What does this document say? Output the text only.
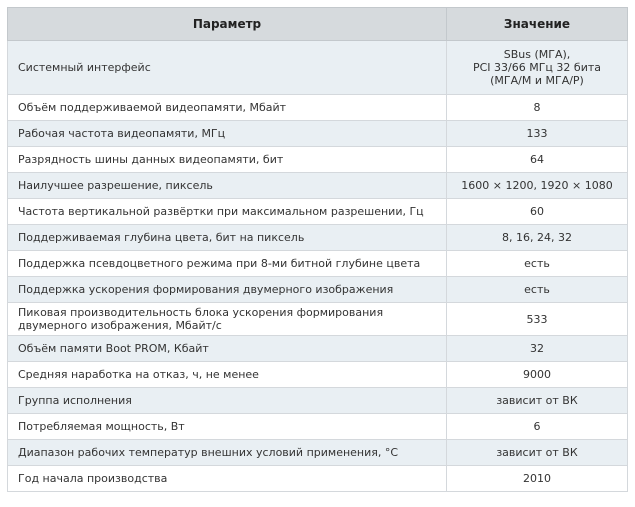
Параметр	Значение
Системный интерфейс	SBus (МГА),
PCI 33/66 МГц 32 бита
(МГА/М и МГА/Р)
Объём поддерживаемой видеопамяти, Мбайт	8
Рабочая частота видеопамяти, МГц	133
Разрядность шины данных видеопамяти, бит	64
Наилучшее разрешение, пиксель	1600 × 1200, 1920 × 1080
Частота вертикальной развёртки при максимальном разрешении, Гц	60
Поддерживаемая глубина цвета, бит на пиксель	8, 16, 24, 32
Поддержка псевдоцветного режима при 8-ми битной глубине цвета	есть
Поддержка ускорения формирования двумерного изображения	есть
Пиковая производительность блока ускорения формирования
двумерного изображения, Мбайт/с	533
Объём памяти Boot PROM, Кбайт	32
Средняя наработка на отказ, ч, не менее	9000
Группа исполнения	зависит от ВК
Потребляемая мощность, Вт	6
Диапазон рабочих температур внешних условий применения, °C	зависит от ВК
Год начала производства	2010
